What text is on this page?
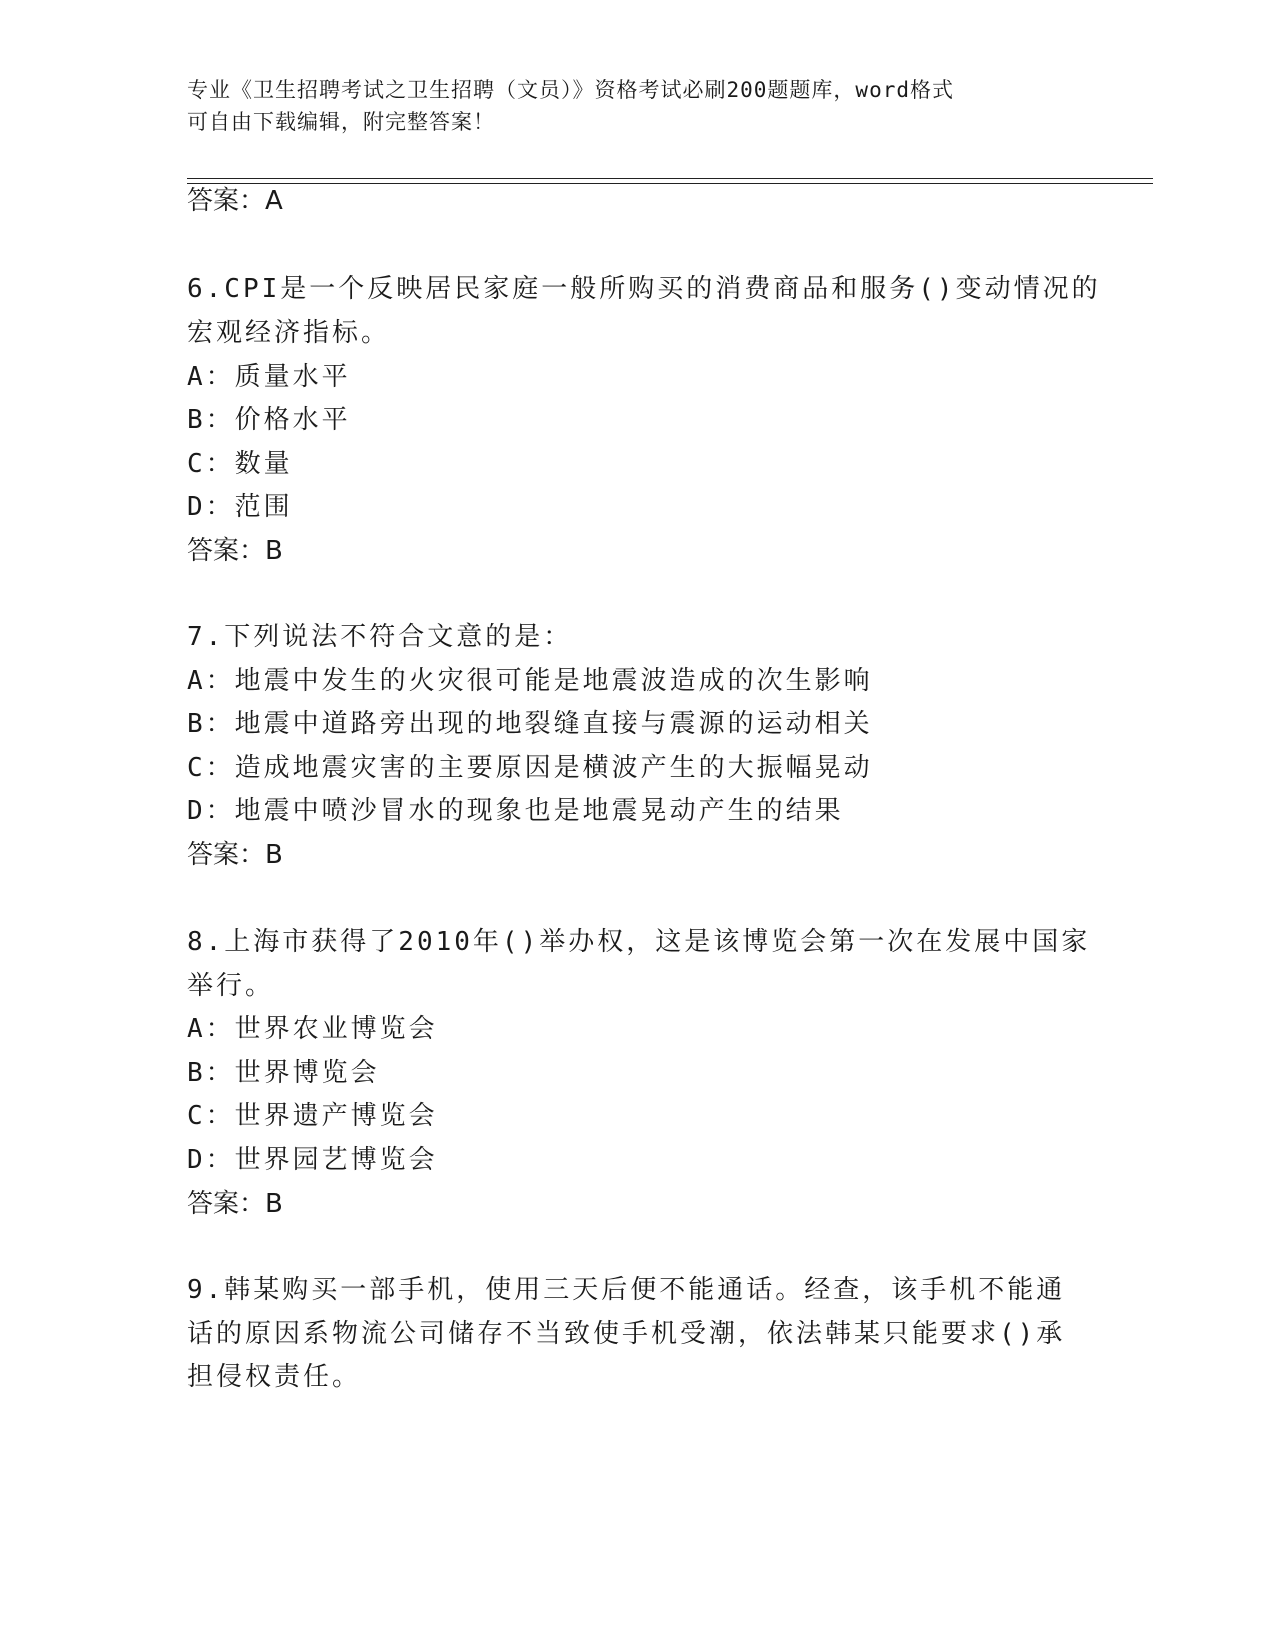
专业《卫生招聘考试之卫生招聘（文员）》资格考试必刷200题题库，word格式
可自由下载编辑，附完整答案！
答案：A
6.CPI是一个反映居民家庭一般所购买的消费商品和服务()变动情况的
宏观经济指标。
A：质量水平
B：价格水平
C：数量
D：范围
答案：B
7.下列说法不符合文意的是：
A：地震中发生的火灾很可能是地震波造成的次生影响
B：地震中道路旁出现的地裂缝直接与震源的运动相关
C：造成地震灾害的主要原因是横波产生的大振幅晃动
D：地震中喷沙冒水的现象也是地震晃动产生的结果
答案：B
8.上海市获得了2010年()举办权，这是该博览会第一次在发展中国家
举行。
A：世界农业博览会
B：世界博览会
C：世界遗产博览会
D：世界园艺博览会
答案：B
9.韩某购买一部手机，使用三天后便不能通话。经查，该手机不能通
话的原因系物流公司储存不当致使手机受潮，依法韩某只能要求()承
担侵权责任。
